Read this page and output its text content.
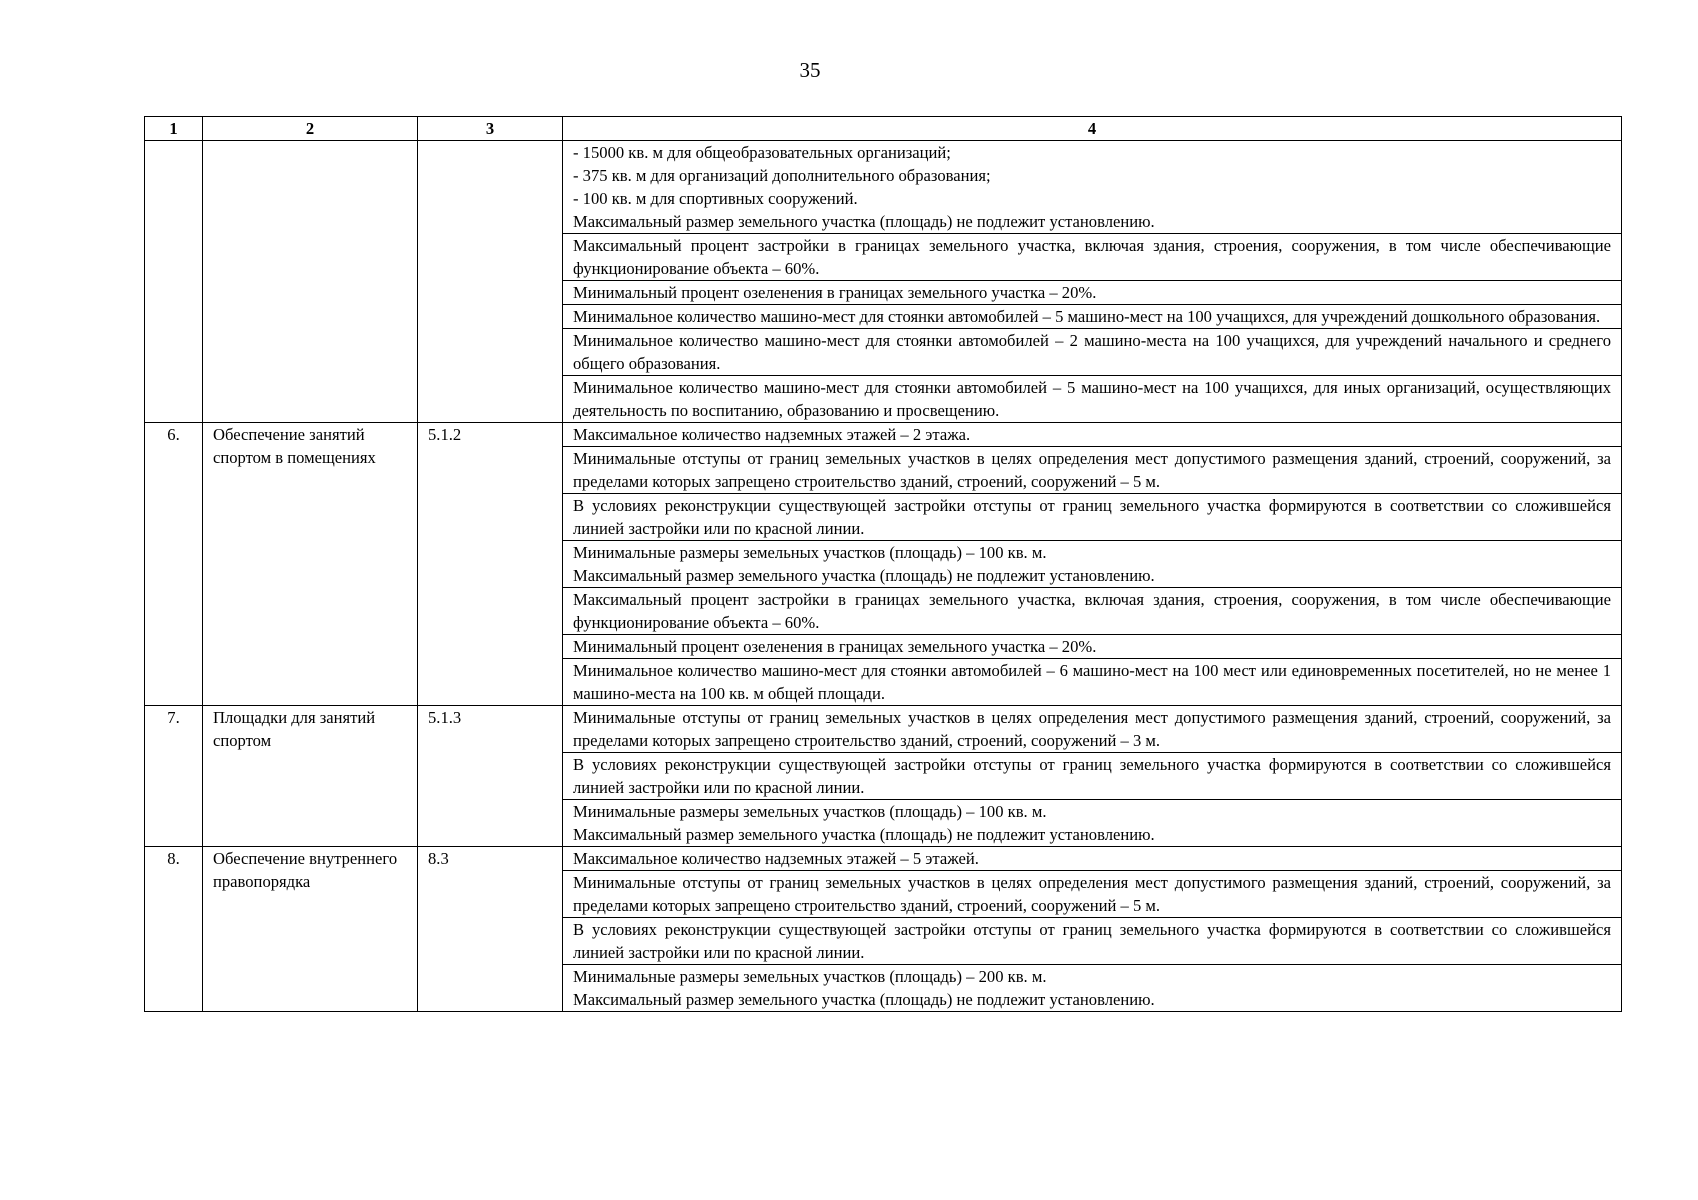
35
1	2	3	4

			- 15000 кв. м для общеобразовательных организаций;
- 375 кв. м для организаций дополнительного образования;
- 100 кв. м для спортивных сооружений.
Максимальный размер земельного участка (площадь) не подлежит установлению.

			Максимальный процент застройки в границах земельного участка, включая здания, строения, сооружения, в том числе обеспечивающие функционирование объекта – 60%.

			Минимальный процент озеленения в границах земельного участка – 20%.

			Минимальное количество машино-мест для стоянки автомобилей – 5 машино-мест на 100 учащихся, для учреждений дошкольного образования.

			Минимальное количество машино-мест для стоянки автомобилей – 2 машино-места на 100 учащихся, для учреждений начального и среднего общего образования.

			Минимальное количество машино-мест для стоянки автомобилей – 5 машино-мест на 100 учащихся, для иных организаций, осуществляющих деятельность по воспитанию, образованию и просвещению.

6.	Обеспечение занятий спортом в помещениях	5.1.2	Максимальное количество надземных этажей – 2 этажа.

			Минимальные отступы от границ земельных участков в целях определения мест допустимого размещения зданий, строений, сооружений, за пределами которых запрещено строительство зданий, строений, сооружений – 5 м.

			В условиях реконструкции существующей застройки отступы от границ земельного участка формируются в соответствии со сложившейся линией застройки или по красной линии.

			Минимальные размеры земельных участков (площадь) – 100 кв. м.
Максимальный размер земельного участка (площадь) не подлежит установлению.

			Максимальный процент застройки в границах земельного участка, включая здания, строения, сооружения, в том числе обеспечивающие функционирование объекта – 60%.

			Минимальный процент озеленения в границах земельного участка – 20%.

			Минимальное количество машино-мест для стоянки автомобилей – 6 машино-мест на 100 мест или единовременных посетителей, но не менее 1 машино-места на 100 кв. м общей площади.

7.	Площадки для занятий спортом	5.1.3	Минимальные отступы от границ земельных участков в целях определения мест допустимого размещения зданий, строений, сооружений, за пределами которых запрещено строительство зданий, строений, сооружений – 3 м.

			В условиях реконструкции существующей застройки отступы от границ земельного участка формируются в соответствии со сложившейся линией застройки или по красной линии.

			Минимальные размеры земельных участков (площадь) – 100 кв. м.
Максимальный размер земельного участка (площадь) не подлежит установлению.

8.	Обеспечение внутреннего правопорядка	8.3	Максимальное количество надземных этажей – 5 этажей.

			Минимальные отступы от границ земельных участков в целях определения мест допустимого размещения зданий, строений, сооружений, за пределами которых запрещено строительство зданий, строений, сооружений – 5 м.

			В условиях реконструкции существующей застройки отступы от границ земельного участка формируются в соответствии со сложившейся линией застройки или по красной линии.

			Минимальные размеры земельных участков (площадь) – 200 кв. м.
Максимальный размер земельного участка (площадь) не подлежит установлению.
